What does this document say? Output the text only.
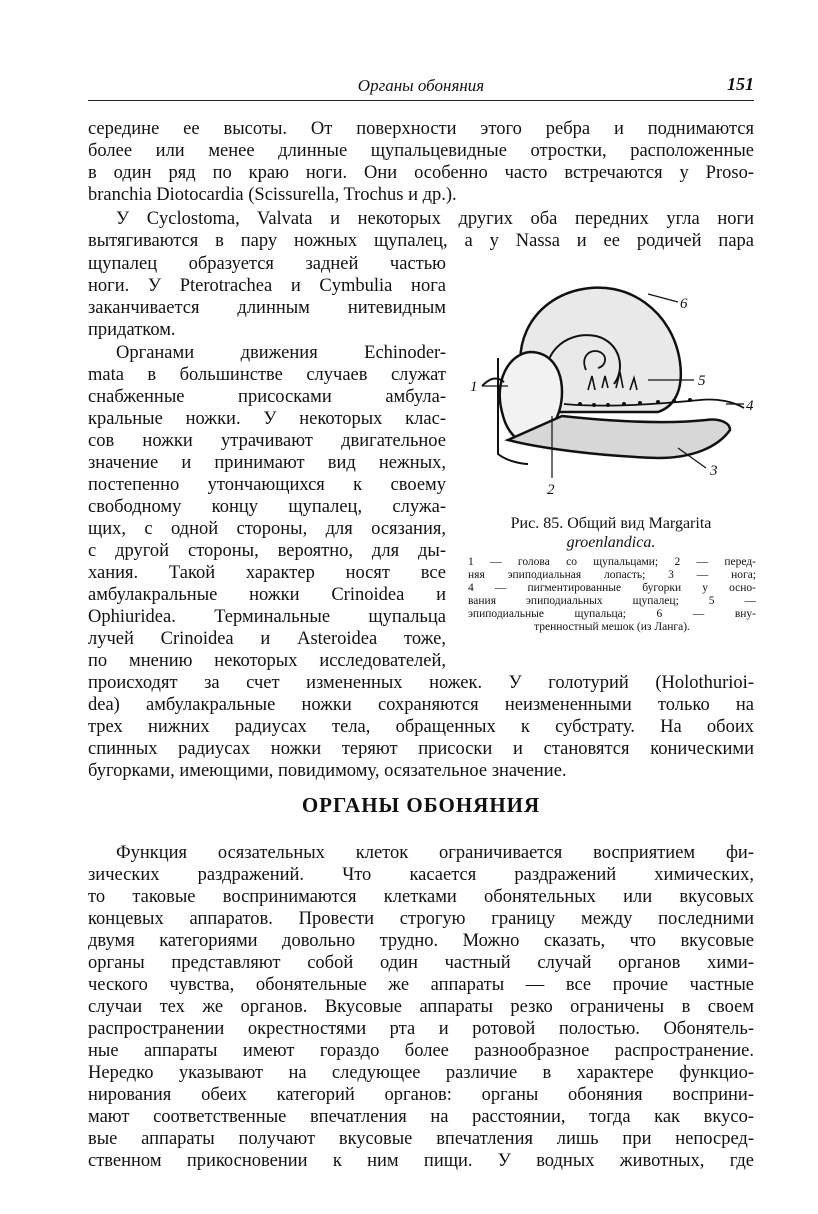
Органы обоняния	151
середине ее высоты. От поверхности этого ребра и поднимаются
более или менее длинные щупальцевидные отростки, расположенные
в один ряд по краю ноги. Они особенно часто встречаются у Proso-
branchia Diotocardia (Scissurella, Trochus и др.).
У Cyclostoma, Valvata и некоторых других оба передних угла ноги
вытягиваются в пару ножных щупалец, а у Nassa и ее родичей пара
щупалец образуется задней частью
ноги. У Pterotrachea и Cymbulia нога
заканчивается длинным нитевидным
придатком.
Органами движения Echinoder-
mata в большинстве случаев служат
снабженные присосками амбула-
кральные ножки. У некоторых клас-
сов ножки утрачивают двигательное
значение и принимают вид нежных,
постепенно утончающихся к своему
свободному концу щупалец, служа-
щих, с одной стороны, для осязания,
с другой стороны, вероятно, для ды-
хания. Такой характер носят все
амбулакральные ножки Crinoidea и
Ophiuridea. Терминальные щупальца
лучей Crinoidea и Asteroidea тоже,
по мнению некоторых исследователей,
происходят за счет измененных ножек. У голотурий (Holothurioi-
dea) амбулакральные ножки сохраняются неизмененными только на
трех нижних радиусах тела, обращенных к субстрату. На обоих
спинных радиусах ножки теряют присоски и становятся коническими
бугорками, имеющими, повидимому, осязательное значение.
ОРГАНЫ ОБОНЯНИЯ
Функция осязательных клеток ограничивается восприятием фи-
зических раздражений. Что касается раздражений химических,
то таковые воспринимаются клетками обонятельных или вкусовых
концевых аппаратов. Провести строгую границу между последними
двумя категориями довольно трудно. Можно сказать, что вкусовые
органы представляют собой один частный случай органов хими-
ческого чувства, обонятельные же аппараты — все прочие частные
случаи тех же органов. Вкусовые аппараты резко ограничены в своем
распространении окрестностями рта и ротовой полостью. Обонятель-
ные аппараты имеют гораздо более разнообразное распространение.
Нередко указывают на следующее различие в характере функцио-
нирования обеих категорий органов: органы обоняния восприни-
мают соответственные впечатления на расстоянии, тогда как вкусо-
вые аппараты получают вкусовые впечатления лишь при непосред-
ственном прикосновении к ним пищи. У водных животных, где
1
2
3
4
5
6
Рис. 85. Общий вид Margarita
groenlandica.
1 — голова со щупальцами; 2 — перед-
няя эпиподиальная лопасть; 3 — нога;
4 — пигментированные бугорки у осно-
вания эпиподиальных щупалец; 5 —
эпиподиальные щупальца; 6 — вну-
тренностный мешок (из Ланга).
